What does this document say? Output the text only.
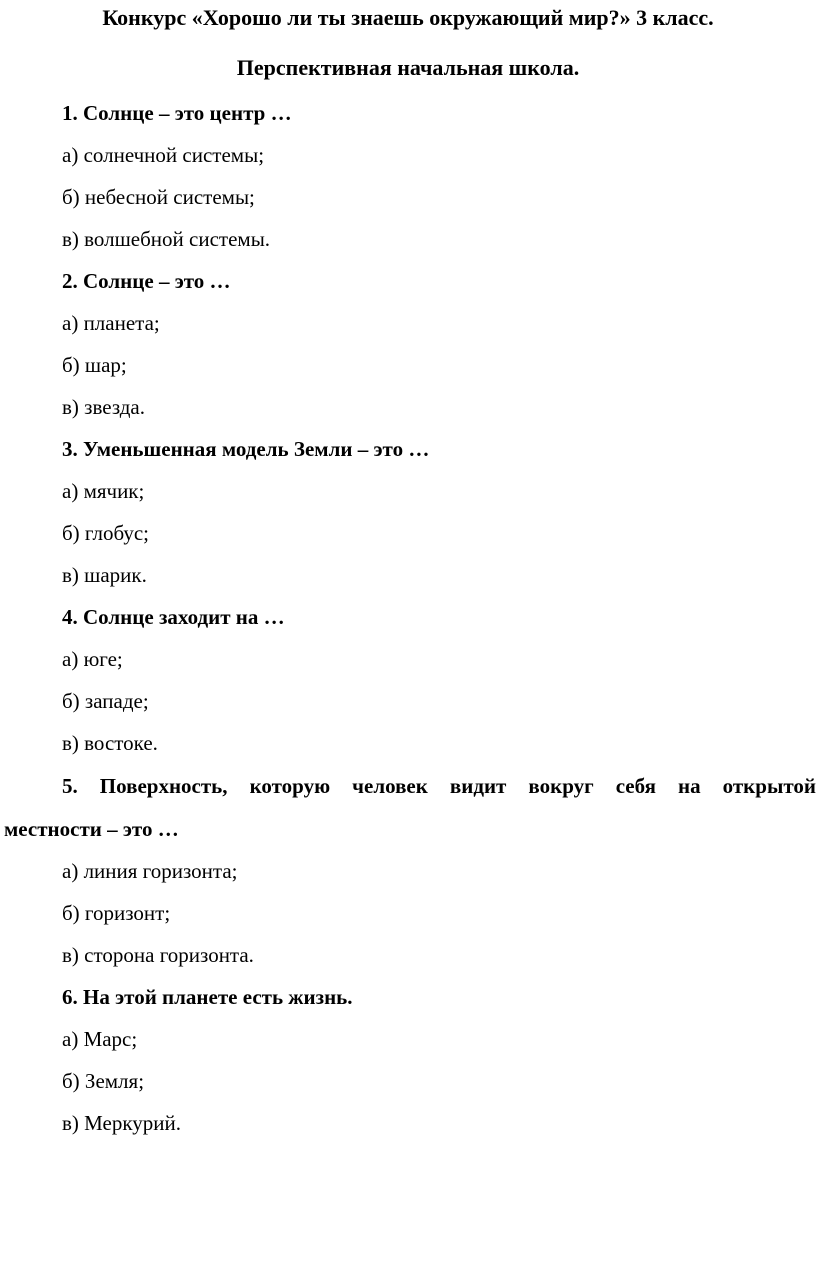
Конкурс «Хорошо ли ты знаешь окружающий мир?» 3 класс.
Перспективная начальная школа.
1. Солнце – это центр …
а) солнечной системы;
б) небесной системы;
в) волшебной системы.
2. Солнце – это …
а) планета;
б) шар;
в) звезда.
3. Уменьшенная модель Земли – это …
а) мячик;
б) глобус;
в) шарик.
4. Солнце заходит на …
а) юге;
б) западе;
в) востоке.
5. Поверхность, которую человек видит вокруг себя на открытой
местности – это …
а) линия горизонта;
б) горизонт;
в) сторона горизонта.
6. На этой планете есть жизнь.
а) Марс;
б) Земля;
в) Меркурий.
